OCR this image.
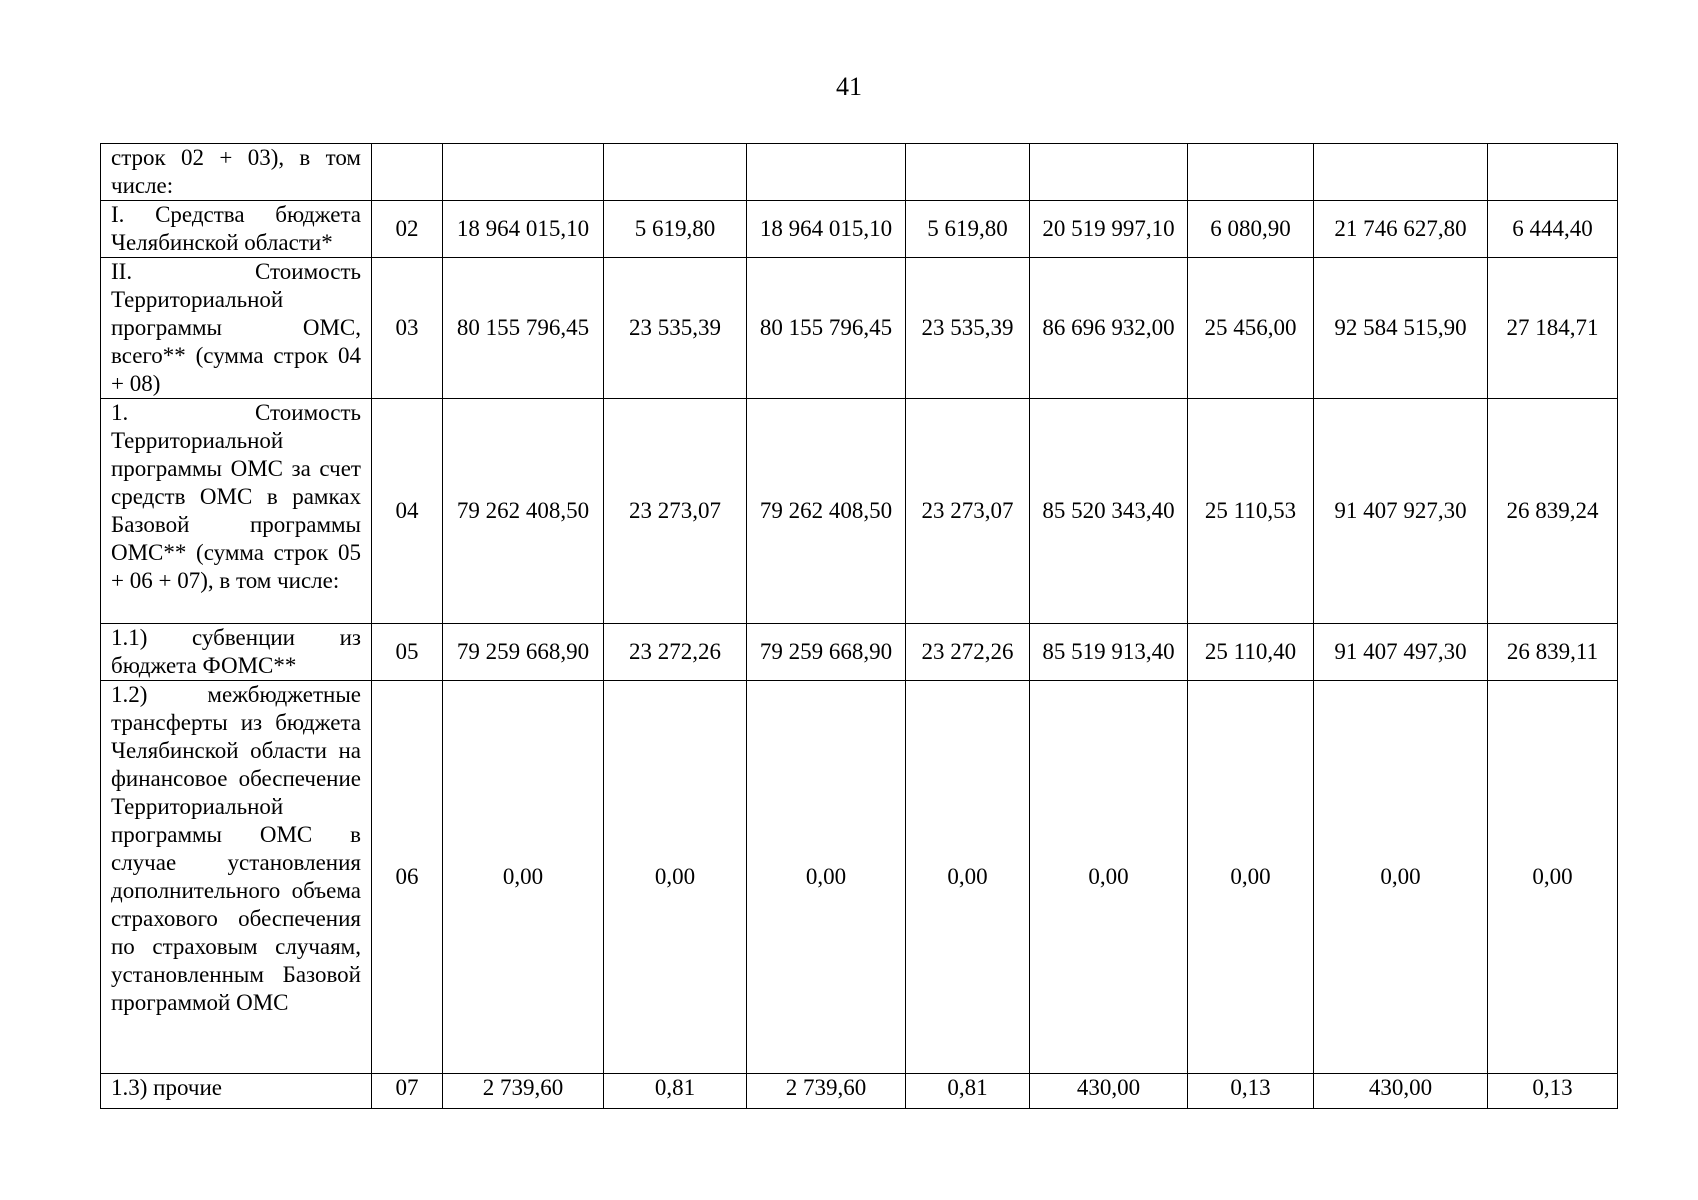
41
строк 02 + 03), в том числе:									
I. Средства бюджета Челябинской области*	02	18 964 015,10	5 619,80	18 964 015,10	5 619,80	20 519 997,10	6 080,90	21 746 627,80	6 444,40
II. Стоимость Территориальной программы ОМС, всего** (сумма строк 04 + 08)	03	80 155 796,45	23 535,39	80 155 796,45	23 535,39	86 696 932,00	25 456,00	92 584 515,90	27 184,71
1. Стоимость Территориальной программы ОМС за счет средств ОМС в рамках Базовой программы ОМС** (сумма строк 05 + 06 + 07), в том числе:	04	79 262 408,50	23 273,07	79 262 408,50	23 273,07	85 520 343,40	25 110,53	91 407 927,30	26 839,24
1.1) субвенции из бюджета ФОМС**	05	79 259 668,90	23 272,26	79 259 668,90	23 272,26	85 519 913,40	25 110,40	91 407 497,30	26 839,11
1.2) межбюджетные трансферты из бюджета Челябинской области на финансовое обеспечение Территориальной программы ОМС в случае установления дополнительного объема страхового обеспечения по страховым случаям, установленным Базовой программой ОМС	06	0,00	0,00	0,00	0,00	0,00	0,00	0,00	0,00
1.3) прочие	07	2 739,60	0,81	2 739,60	0,81	430,00	0,13	430,00	0,13
